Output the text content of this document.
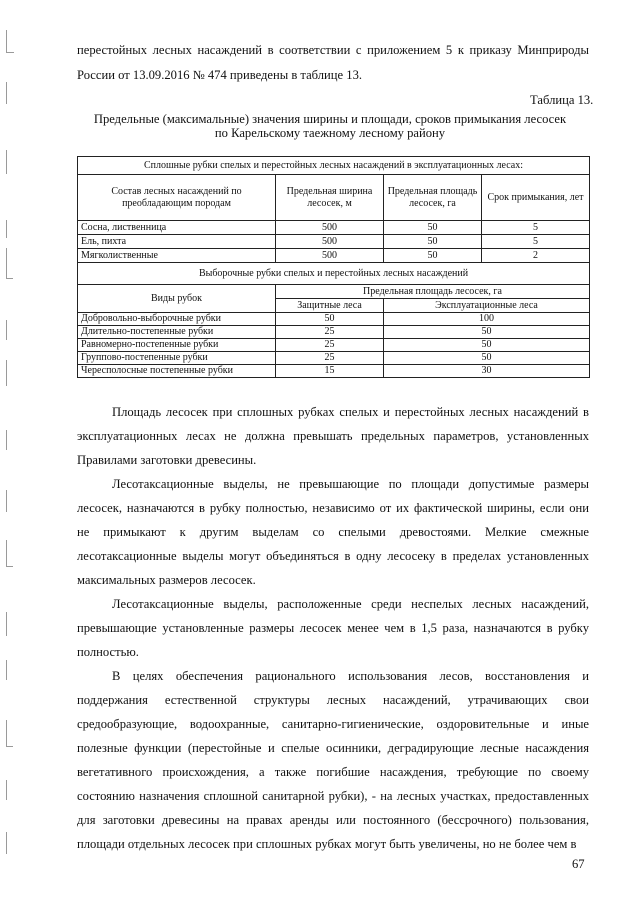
перестойных лесных насаждений в соответствии с приложением 5 к приказу Минприроды
России от 13.09.2016 № 474 приведены в таблице 13.
Таблица 13.
Предельные (максимальные) значения ширины и площади, сроков примыкания лесосек
по Карельскому таежному лесному району
Сплошные рубки спелых и перестойных лесных насаждений в эксплуатационных лесах:			
Состав лесных насаждений по преобладающим породам	Предельная ширина лесосек, м	Предельная площадь лесосек, га	Срок примыкания, лет
Сосна, лиственница	500	50	5
Ель, пихта	500	50	5
Мягколиственные	500	50	2
Выборочные рубки спелых и перестойных лесных насаждений			
Виды рубок	Предельная площадь лесосек, га		
	Защитные леса	Эксплуатационные леса	
Добровольно-выборочные рубки	50	100	
Длительно-постепенные рубки	25	50	
Равномерно-постепенные рубки	25	50	
Группово-постепенные рубки	25	50	
Чересполосные постепенные рубки	15	30	
Площадь лесосек при сплошных рубках спелых и перестойных лесных насаждений в
эксплуатационных лесах не должна превышать предельных параметров, установленных
Правилами заготовки древесины.
Лесотаксационные выделы, не превышающие по площади допустимые размеры
лесосек, назначаются в рубку полностью, независимо от их фактической ширины, если они
не примыкают к другим выделам со спелыми древостоями. Мелкие смежные
лесотаксационные выделы могут объединяться в одну лесосеку в пределах установленных
максимальных размеров лесосек.
Лесотаксационные выделы, расположенные среди неспелых лесных насаждений,
превышающие установленные размеры лесосек менее чем в 1,5 раза, назначаются в рубку
полностью.
В целях обеспечения рационального использования лесов, восстановления и
поддержания естественной структуры лесных насаждений, утрачивающих свои
средообразующие, водоохранные, санитарно-гигиенические, оздоровительные и иные
полезные функции (перестойные и спелые осинники, деградирующие лесные насаждения
вегетативного происхождения, а также погибшие насаждения, требующие по своему
состоянию назначения сплошной санитарной рубки), - на лесных участках, предоставленных
для заготовки древесины на правах аренды или постоянного (бессрочного) пользования,
площади отдельных лесосек при сплошных рубках могут быть увеличены, но не более чем в
67
